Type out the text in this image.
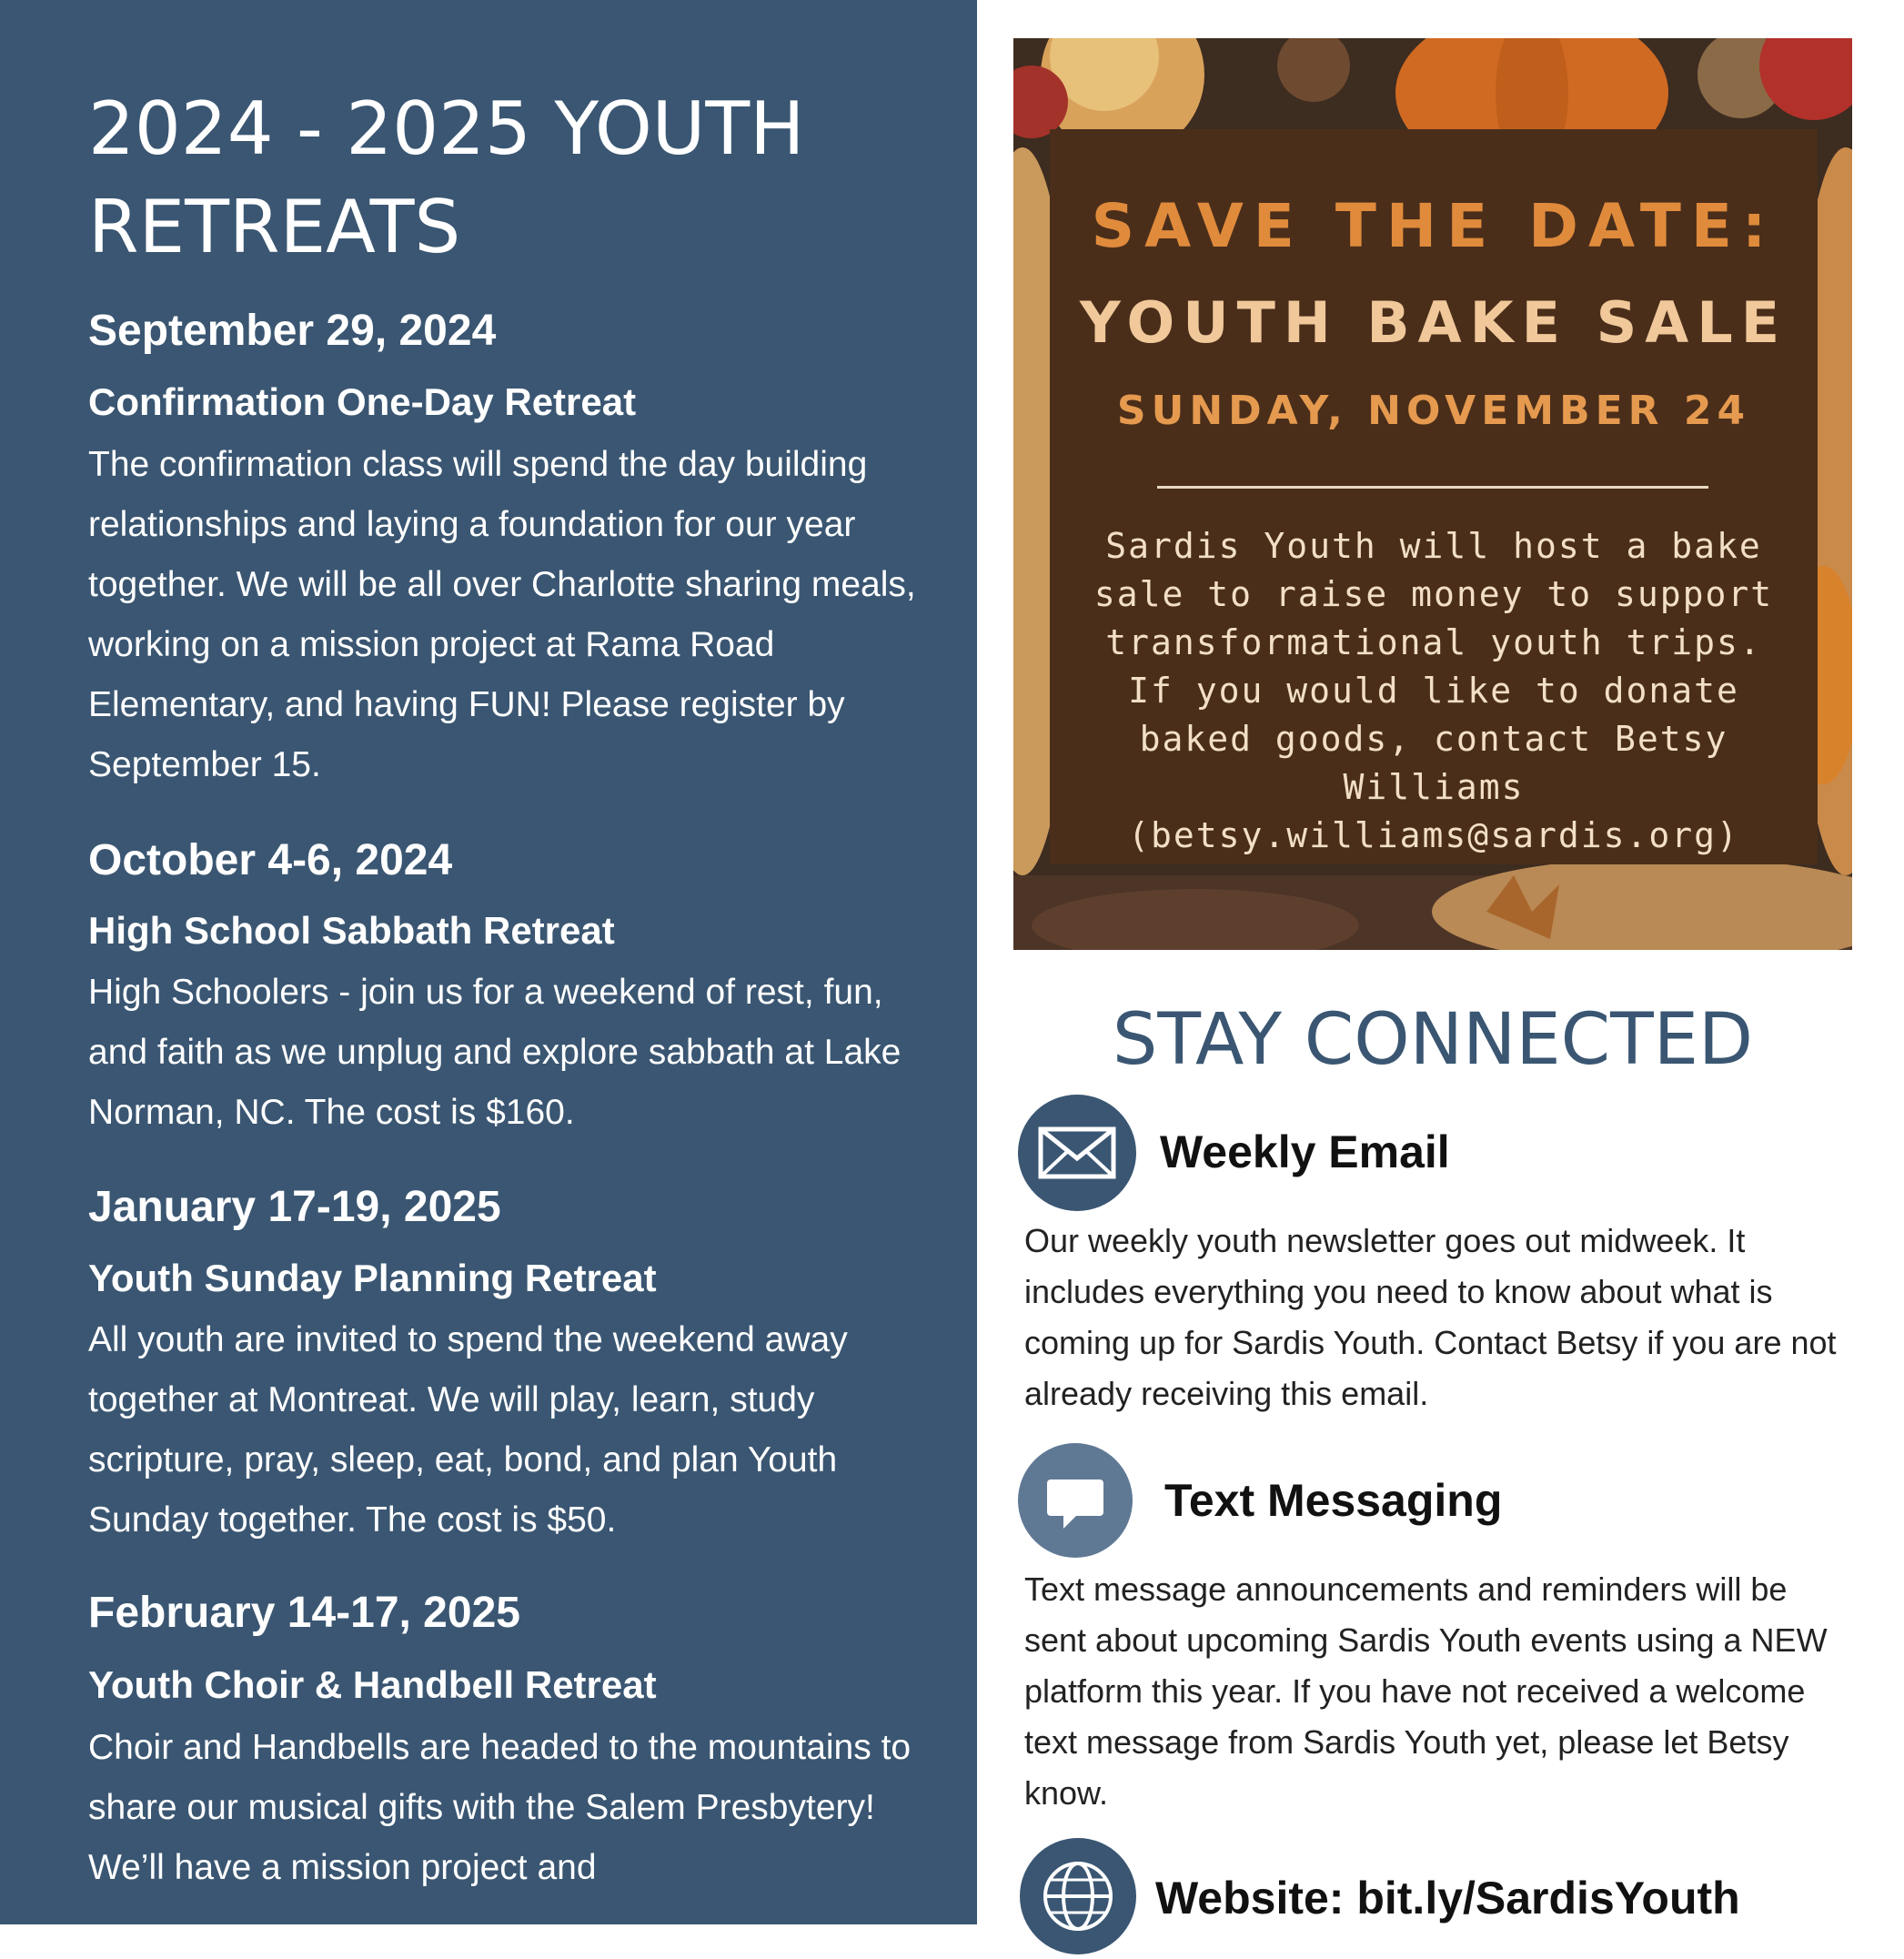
2024 - 2025 YOUTH RETREATS

September 29, 2024

Confirmation One-Day Retreat

The confirmation class will spend the day building relationships and laying a foundation for our year together. We will be all over Charlotte sharing meals, working on a mission project at Rama Road Elementary, and having FUN! Please register by September 15.

October 4-6, 2024

High School Sabbath Retreat

High Schoolers - join us for a weekend of rest, fun, and faith as we unplug and explore sabbath at Lake Norman, NC. The cost is $160.

January 17-19, 2025

Youth Sunday Planning Retreat

All youth are invited to spend the weekend away together at Montreat. We will play, learn, study scripture, pray, sleep, eat, bond, and plan Youth Sunday together. The cost is $50.

February 14-17, 2025

Youth Choir & Handbell Retreat

Choir and Handbells are headed to the mountains to share our musical gifts with the Salem Presbytery! We’ll have a mission project and

SAVE THE DATE:
YOUTH BAKE SALE
SUNDAY, NOVEMBER 24
Sardis Youth will host a bake sale to raise money to support transformational youth trips. If you would like to donate baked goods, contact Betsy Williams (betsy.williams@sardis.org)
STAY CONNECTED
Weekly Email
Our weekly youth newsletter goes out midweek. It includes everything you need to know about what is coming up for Sardis Youth. Contact Betsy if you are not already receiving this email.
Text Messaging
Text message announcements and reminders will be sent about upcoming Sardis Youth events using a NEW platform this year. If you have not received a welcome text message from Sardis Youth yet, please let Betsy know.
Website: bit.ly/SardisYouth
